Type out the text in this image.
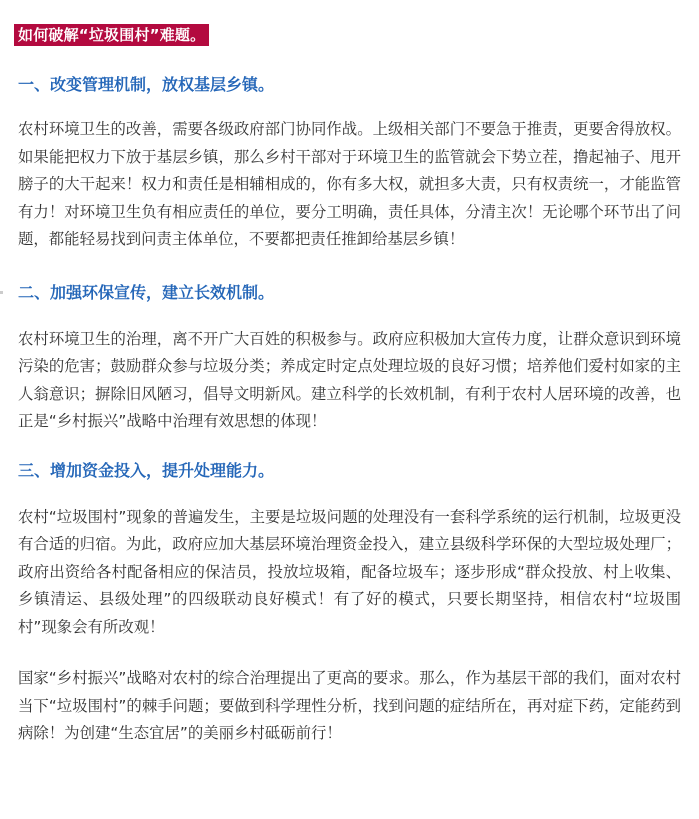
如何破解“垃圾围村”难题。
一、改变管理机制，放权基层乡镇。

农村环境卫生的改善，需要各级政府部门协同作战。上级相关部门不要急于推责，更要舍得放权。如果能把权力下放于基层乡镇，那么乡村干部对于环境卫生的监管就会下势立茬，撸起袖子、甩开膀子的大干起来！权力和责任是相辅相成的，你有多大权，就担多大责，只有权责统一，才能监管有力！对环境卫生负有相应责任的单位，要分工明确，责任具体，分清主次！无论哪个环节出了问题，都能轻易找到问责主体单位，不要都把责任推卸给基层乡镇！

二、加强环保宣传，建立长效机制。

农村环境卫生的治理，离不开广大百姓的积极参与。政府应积极加大宣传力度，让群众意识到环境污染的危害；鼓励群众参与垃圾分类；养成定时定点处理垃圾的良好习惯；培养他们爱村如家的主人翁意识；摒除旧风陋习，倡导文明新风。建立科学的长效机制，有利于农村人居环境的改善，也正是“乡村振兴”战略中治理有效思想的体现！

三、增加资金投入，提升处理能力。

农村“垃圾围村”现象的普遍发生，主要是垃圾问题的处理没有一套科学系统的运行机制，垃圾更没有合适的归宿。为此，政府应加大基层环境治理资金投入，建立县级科学环保的大型垃圾处理厂；政府出资给各村配备相应的保洁员，投放垃圾箱，配备垃圾车；逐步形成“群众投放、村上收集、乡镇清运、县级处理”的四级联动良好模式！有了好的模式，只要长期坚持，相信农村“垃圾围村”现象会有所改观！

国家“乡村振兴”战略对农村的综合治理提出了更高的要求。那么，作为基层干部的我们，面对农村当下“垃圾围村”的棘手问题；要做到科学理性分析，找到问题的症结所在，再对症下药，定能药到病除！为创建“生态宜居”的美丽乡村砥砺前行！
